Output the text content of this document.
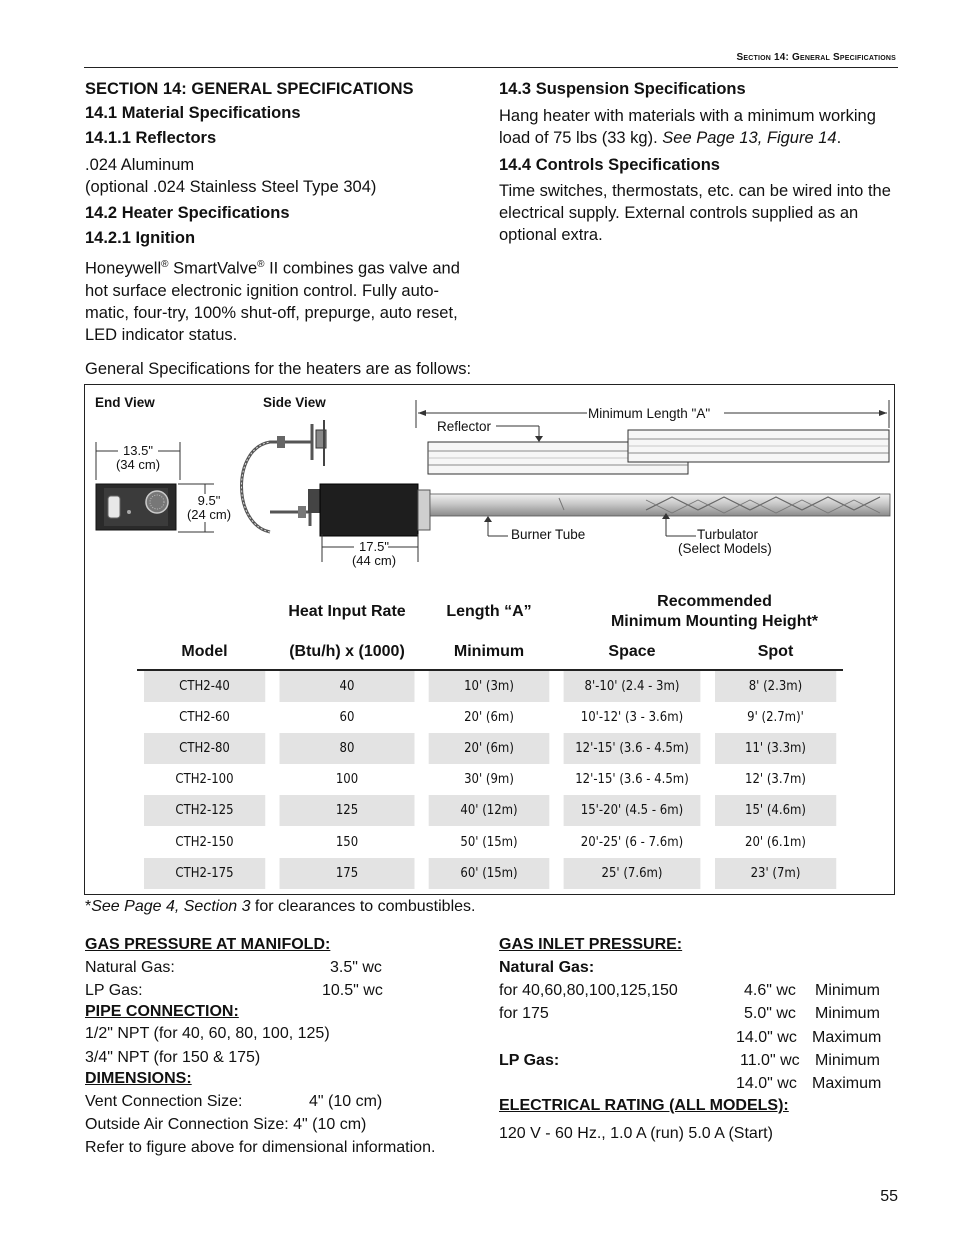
Section 14: General Specifications
SECTION 14: GENERAL SPECIFICATIONS
14.1 Material Specifications
14.1.1 Reflectors
.024 Aluminum
(optional .024 Stainless Steel Type 304)
14.2 Heater Specifications
14.2.1 Ignition
Honeywell® SmartValve® II combines gas valve and hot surface electronic ignition control. Fully auto-matic, four-try, 100% shut-off, prepurge, auto reset, LED indicator status.
14.3 Suspension Specifications
Hang heater with materials with a minimum working load of 75 lbs (33 kg). See Page 13, Figure 14.
14.4 Controls Specifications
Time switches, thermostats, etc. can be wired into the electrical supply. External controls supplied as an optional extra.
General Specifications for the heaters are as follows:
End View	Side View
13.5"
(34 cm)
9.5"
(24 cm)
17.5"
(44 cm)
Reflector
Minimum Length "A"
Burner Tube	Turbulator
(Select Models)
	Heat Input Rate	Length “A”	Recommended
Minimum Mounting Height*	

Model	(Btu/h) x (1000)	Minimum	Space	Spot
CTH2-40	40	10' (3m)	8'-10' (2.4 - 3m)	8' (2.3m)
CTH2-60	60	20' (6m)	10'-12' (3 - 3.6m)	9' (2.7m)'
CTH2-80	80	20' (6m)	12'-15' (3.6 - 4.5m)	11' (3.3m)
CTH2-100	100	30' (9m)	12'-15' (3.6 - 4.5m)	12' (3.7m)
CTH2-125	125	40' (12m)	15'-20' (4.5 - 6m)	15' (4.6m)
CTH2-150	150	50' (15m)	20'-25' (6 - 7.6m)	20' (6.1m)
CTH2-175	175	60' (15m)	25' (7.6m)	23' (7m)
*See Page 4, Section 3 for clearances to combustibles.
GAS PRESSURE AT MANIFOLD:
Natural Gas:	3.5" wc
LP Gas:	10.5" wc
PIPE CONNECTION:
1/2" NPT (for 40, 60, 80, 100, 125)
3/4" NPT (for 150 & 175)
DIMENSIONS:
Vent Connection Size:	4" (10 cm)
Outside Air Connection Size: 4" (10 cm)
Refer to figure above for dimensional information.
GAS INLET PRESSURE:
Natural Gas:
for 40,60,80,100,125,150	4.6" wc Minimum
for 175	5.0" wc Minimum
14.0" wc Maximum
LP Gas:	11.0" wc Minimum
14.0" wc Maximum
ELECTRICAL RATING (ALL MODELS):
120 V - 60 Hz., 1.0 A (run) 5.0 A (Start)
55
